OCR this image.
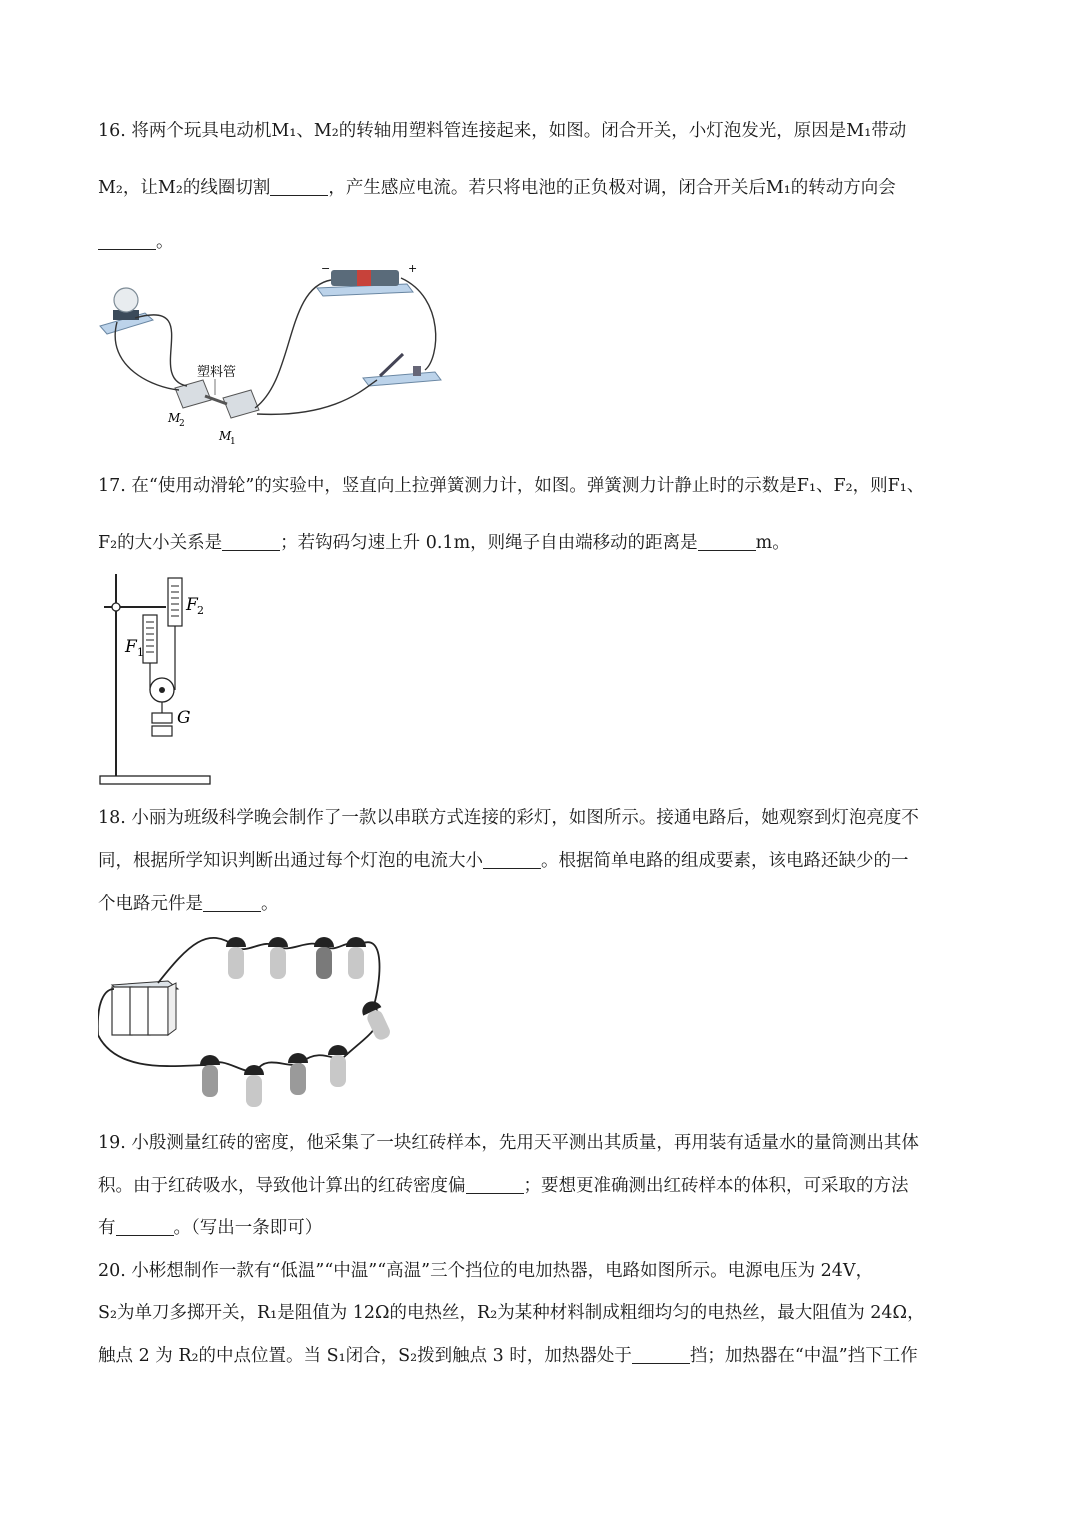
16. 将两个玩具电动机M₁、M₂的转轴用塑料管连接起来，如图。闭合开关，小灯泡发光，原因是M₁带动
M₂，让M₂的线圈切割	，产生感应电流。若只将电池的正负极对调，闭合开关后M₁的转动方向会
。
−	+
塑料管
M
2
M
1
17. 在“使用动滑轮”的实验中，竖直向上拉弹簧测力计，如图。弹簧测力计静止时的示数是F₁、F₂，则F₁、
F₂的大小关系是	；若钩码匀速上升 0.1m，则绳子自由端移动的距离是	m。
F 1
F 2
G
18. 小丽为班级科学晚会制作了一款以串联方式连接的彩灯，如图所示。接通电路后，她观察到灯泡亮度不
同，根据所学知识判断出通过每个灯泡的电流大小	。根据简单电路的组成要素，该电路还缺少的一
个电路元件是	。
19. 小殷测量红砖的密度，他采集了一块红砖样本，先用天平测出其质量，再用装有适量水的量筒测出其体
积。由于红砖吸水，导致他计算出的红砖密度偏	；要想更准确测出红砖样本的体积，可采取的方法
有	。（写出一条即可）
20. 小彬想制作一款有“低温”“中温”“高温”三个挡位的电加热器，电路如图所示。电源电压为 24V，
S₂为单刀多掷开关，R₁是阻值为 12Ω的电热丝，R₂为某种材料制成粗细均匀的电热丝，最大阻值为 24Ω，
触点 2 为 R₂的中点位置。当 S₁闭合，S₂拨到触点 3 时，加热器处于	挡；加热器在“中温”挡下工作
